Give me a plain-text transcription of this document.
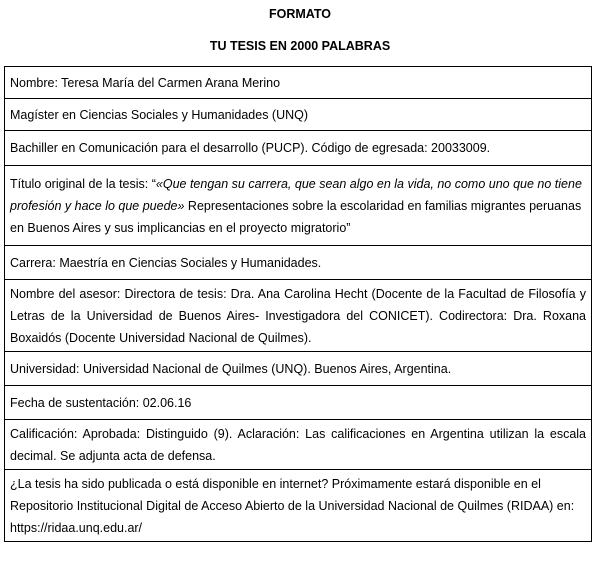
FORMATO
TU TESIS EN 2000 PALABRAS
Nombre: Teresa María del Carmen Arana Merino
Magíster en Ciencias Sociales y Humanidades (UNQ)
Bachiller en Comunicación para el desarrollo (PUCP). Código de egresada: 20033009.
Título original de la tesis: “«Que tengan su carrera, que sean algo en la vida, no como uno que no tiene profesión y hace lo que puede» Representaciones sobre la escolaridad en familias migrantes peruanas en Buenos Aires y sus implicancias en el proyecto migratorio”
Carrera: Maestría en Ciencias Sociales y Humanidades.
Nombre del asesor: Directora de tesis: Dra. Ana Carolina Hecht (Docente de la Facultad de Filosofía y Letras de la Universidad de Buenos Aires- Investigadora del CONICET). Codirectora: Dra. Roxana Boxaidós (Docente Universidad Nacional de Quilmes).
Universidad: Universidad Nacional de Quilmes (UNQ). Buenos Aires, Argentina.
Fecha de sustentación: 02.06.16
Calificación: Aprobada: Distinguido (9). Aclaración: Las calificaciones en Argentina utilizan la escala decimal. Se adjunta acta de defensa.
¿La tesis ha sido publicada o está disponible en internet? Próximamente estará disponible en el Repositorio Institucional Digital de Acceso Abierto de la Universidad Nacional de Quilmes (RIDAA) en: https://ridaa.unq.edu.ar/
